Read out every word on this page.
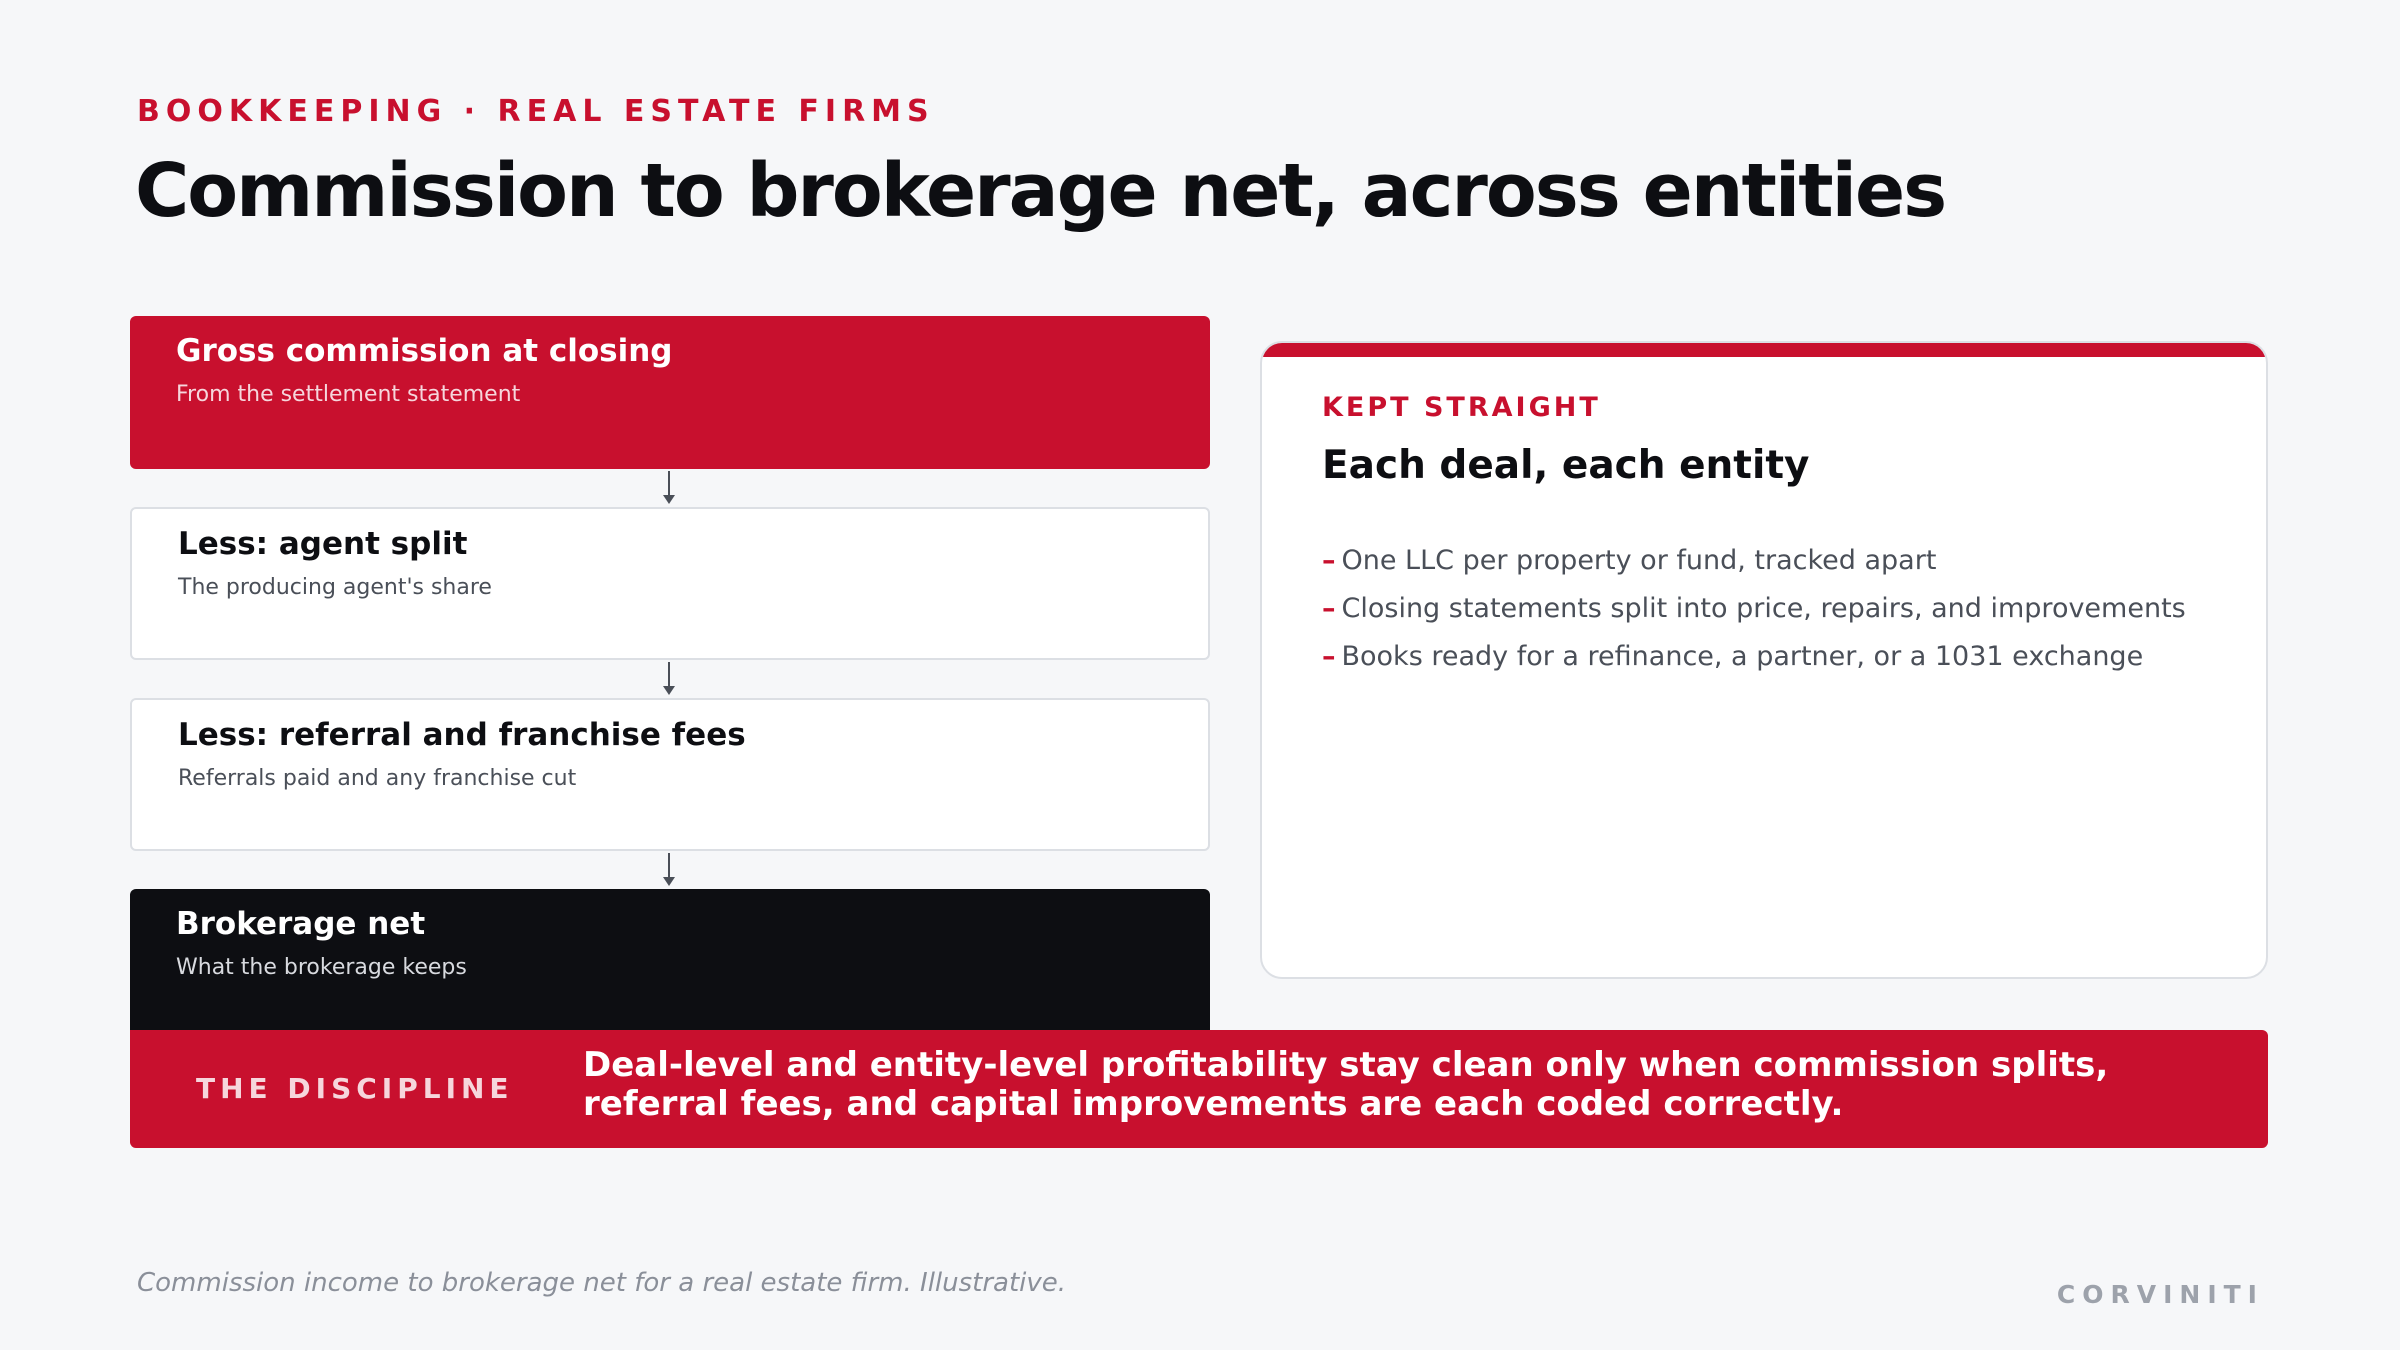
BOOKKEEPING · REAL ESTATE FIRMS
Commission to brokerage net, across entities
Gross commission at closing
From the settlement statement
Less: agent split
The producing agent's share
Less: referral and franchise fees
Referrals paid and any franchise cut
Brokerage net
What the brokerage keeps
KEPT STRAIGHT
Each deal, each entity
– One LLC per property or fund, tracked apart
– Closing statements split into price, repairs, and improvements
– Books ready for a refinance, a partner, or a 1031 exchange
THE DISCIPLINE
Deal-level and entity-level profitability stay clean only when commission splits, referral fees, and capital improvements are each coded correctly.
Commission income to brokerage net for a real estate firm. Illustrative.	CORVINITI
